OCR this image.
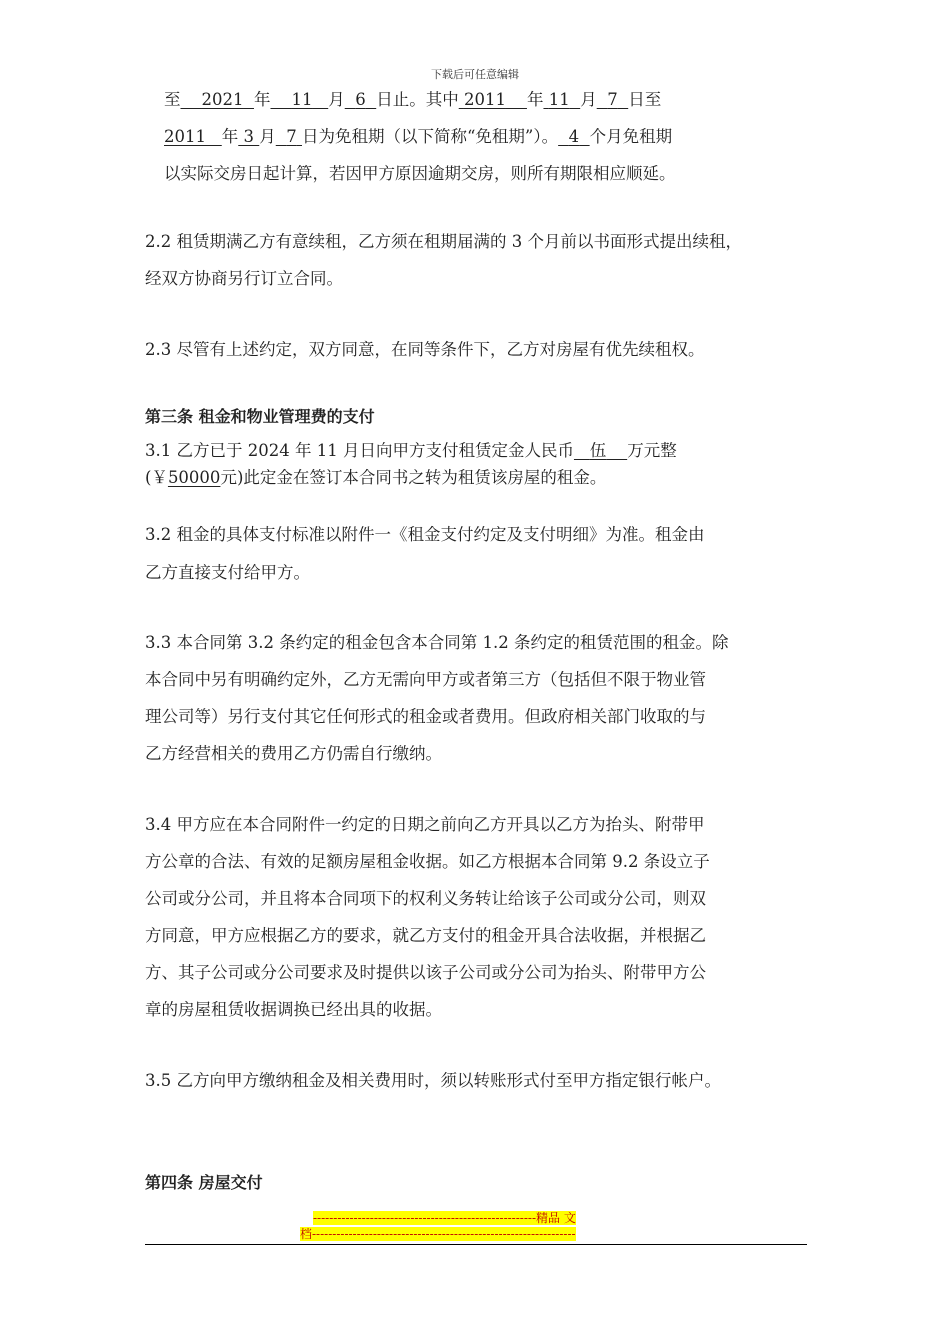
下载后可任意编辑
至 2021 年 11 月 6 日止。其中 2011 年 11 月 7 日至
2011 年 3 月 7 日为免租期（以下简称“免租期”）。 4 个月免租期
以实际交房日起计算，若因甲方原因逾期交房，则所有期限相应顺延。
2.2 租赁期满乙方有意续租，乙方须在租期届满的 3 个月前以书面形式提出续租，
经双方协商另行订立合同。
2.3 尽管有上述约定，双方同意，在同等条件下，乙方对房屋有优先续租权。
第三条 租金和物业管理费的支付
3.1 乙方已于 2024 年 11 月日向甲方支付租赁定金人民币 伍 万元整
(￥50000元)此定金在签订本合同书之转为租赁该房屋的租金。
3.2 租金的具体支付标准以附件一《租金支付约定及支付明细》为准。租金由
乙方直接支付给甲方。
3.3 本合同第 3.2 条约定的租金包含本合同第 1.2 条约定的租赁范围的租金。除
本合同中另有明确约定外，乙方无需向甲方或者第三方（包括但不限于物业管
理公司等）另行支付其它任何形式的租金或者费用。但政府相关部门收取的与
乙方经营相关的费用乙方仍需自行缴纳。
3.4 甲方应在本合同附件一约定的日期之前向乙方开具以乙方为抬头、附带甲
方公章的合法、有效的足额房屋租金收据。如乙方根据本合同第 9.2 条设立子
公司或分公司，并且将本合同项下的权利义务转让给该子公司或分公司，则双
方同意，甲方应根据乙方的要求，就乙方支付的租金开具合法收据，并根据乙
方、其子公司或分公司要求及时提供以该子公司或分公司为抬头、附带甲方公
章的房屋租赁收据调换已经出具的收据。
3.5 乙方向甲方缴纳租金及相关费用时，须以转账形式付至甲方指定银行帐户。
第四条 房屋交付
-------------------------------------------------------精品 文
档-----------------------------------------------------------------
